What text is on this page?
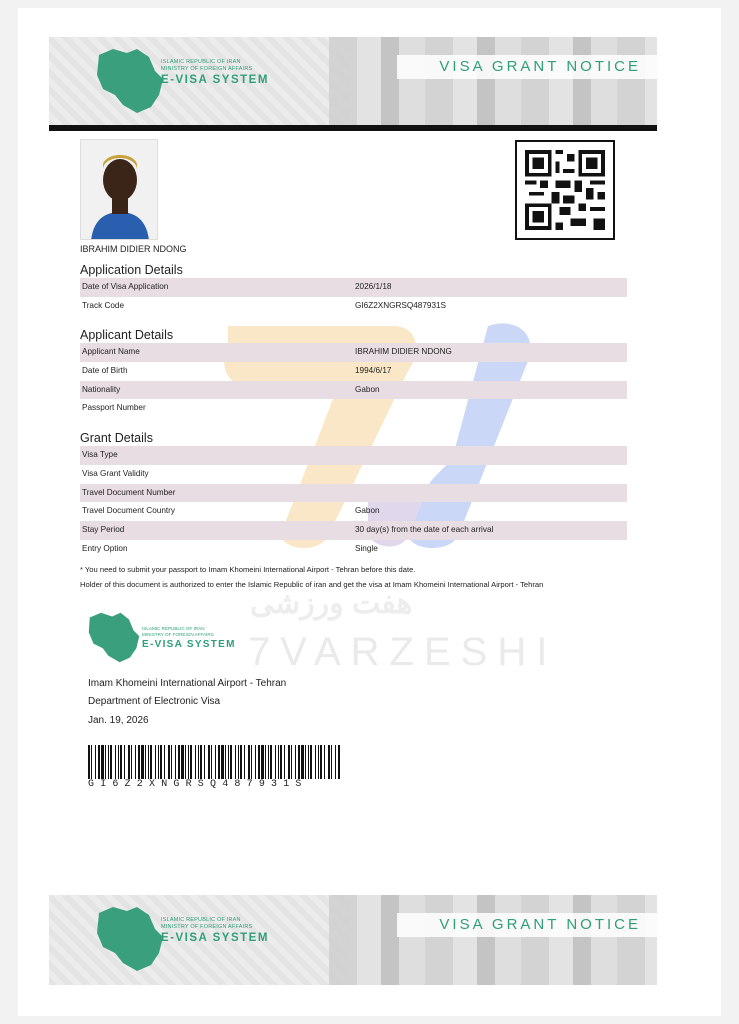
ISLAMIC REPUBLIC OF IRAN
MINISTRY OF FOREIGN AFFAIRS
E-VISA SYSTEM
VISA GRANT NOTICE
IBRAHIM DIDIER NDONG
Application Details
Date of Visa Application	2026/1/18
Track Code	GI6Z2XNGRSQ487931S
Applicant Details
Applicant Name	IBRAHIM DIDIER NDONG
Date of Birth	1994/6/17
Nationality	Gabon
Passport Number
Grant Details
Visa Type
Visa Grant Validity
Travel Document Number
Travel Document Country	Gabon
Stay Period	30 day(s) from the date of each arrival
Entry Option	Single
* You need to submit your passport to Imam Khomeini International Airport - Tehran before this date.
Holder of this document is authorized to enter the Islamic Republic of iran and get the visa at Imam Khomeini International Airport - Tehran
هفت ورزشی
7VARZESHI
ISLAMIC REPUBLIC OF IRAN
MINISTRY OF FOREIGN AFFAIRS
E-VISA SYSTEM
Imam Khomeini International Airport - Tehran
Department of Electronic Visa
Jan. 19, 2026
GI6Z2XNGRSQ487931S
ISLAMIC REPUBLIC OF IRAN
MINISTRY OF FOREIGN AFFAIRS
E-VISA SYSTEM
VISA GRANT NOTICE
